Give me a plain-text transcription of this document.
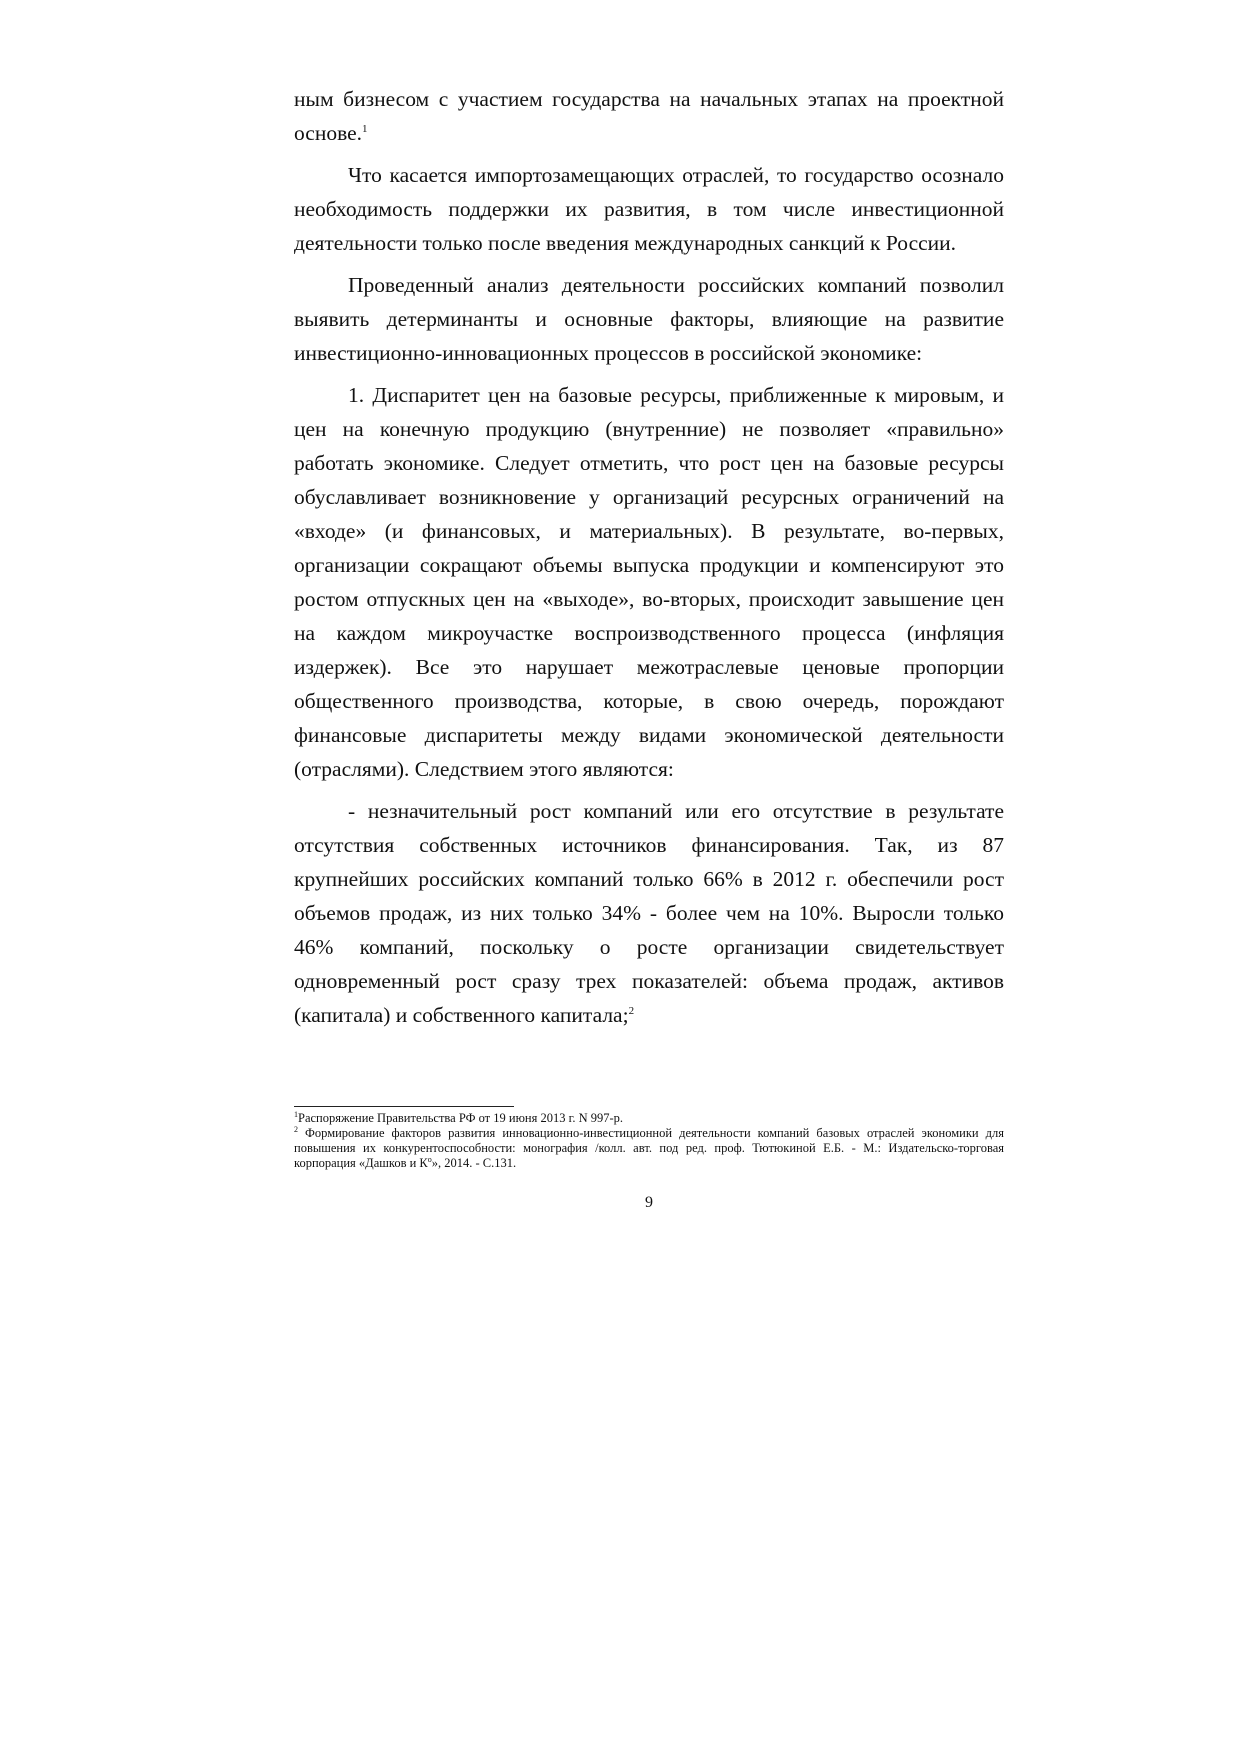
ным бизнесом с участием государства на начальных этапах на проектной основе.$^1$

Что касается импортозамещающих отраслей, то государство осознало необходимость поддержки их развития, в том числе инвестиционной деятельности только после введения международных санкций к России.

Проведенный анализ деятельности российских компаний позволил выявить детерминанты и основные факторы, влияющие на развитие инвестиционно-инновационных процессов в российской экономике:

1. Диспаритет цен на базовые ресурсы, приближенные к мировым, и цен на конечную продукцию (внутренние) не позволяет «правильно» работать экономике. Следует отметить, что рост цен на базовые ресурсы обуславливает возникновение у организаций ресурсных ограничений на «входе» (и финансовых, и материальных). В результате, во-первых, организации сокращают объемы выпуска продукции и компенсируют это ростом отпускных цен на «выходе», во-вторых, происходит завышение цен на каждом микроучастке воспроизводственного процесса (инфляция издержек). Все это нарушает межотраслевые ценовые пропорции общественного производства, которые, в свою очередь, порождают финансовые диспаритеты между видами экономической деятельности (отраслями). Следствием этого являются:

- незначительный рост компаний или его отсутствие в результате отсутствия собственных источников финансирования. Так, из 87 крупнейших российских компаний только 66% в 2012 г. обеспечили рост объемов продаж, из них только 34% - более чем на 10%. Выросли только 46% компаний, поскольку о росте организации свидетельствует одновременный рост сразу трех показателей: объема продаж, активов (капитала) и собственного капитала;$^2$

$^1$Распоряжение Правительства РФ от 19 июня 2013 г. N 997-р.

$^2$ Формирование факторов развития инновационно-инвестиционной деятельности компаний базовых отраслей экономики для повышения их конкурентоспособности: монография /колл. авт. под ред. проф. Тютюкиной Е.Б. - М.: Издательско-торговая корпорация «Дашков и $К^о$», 2014. - С.131.

9
